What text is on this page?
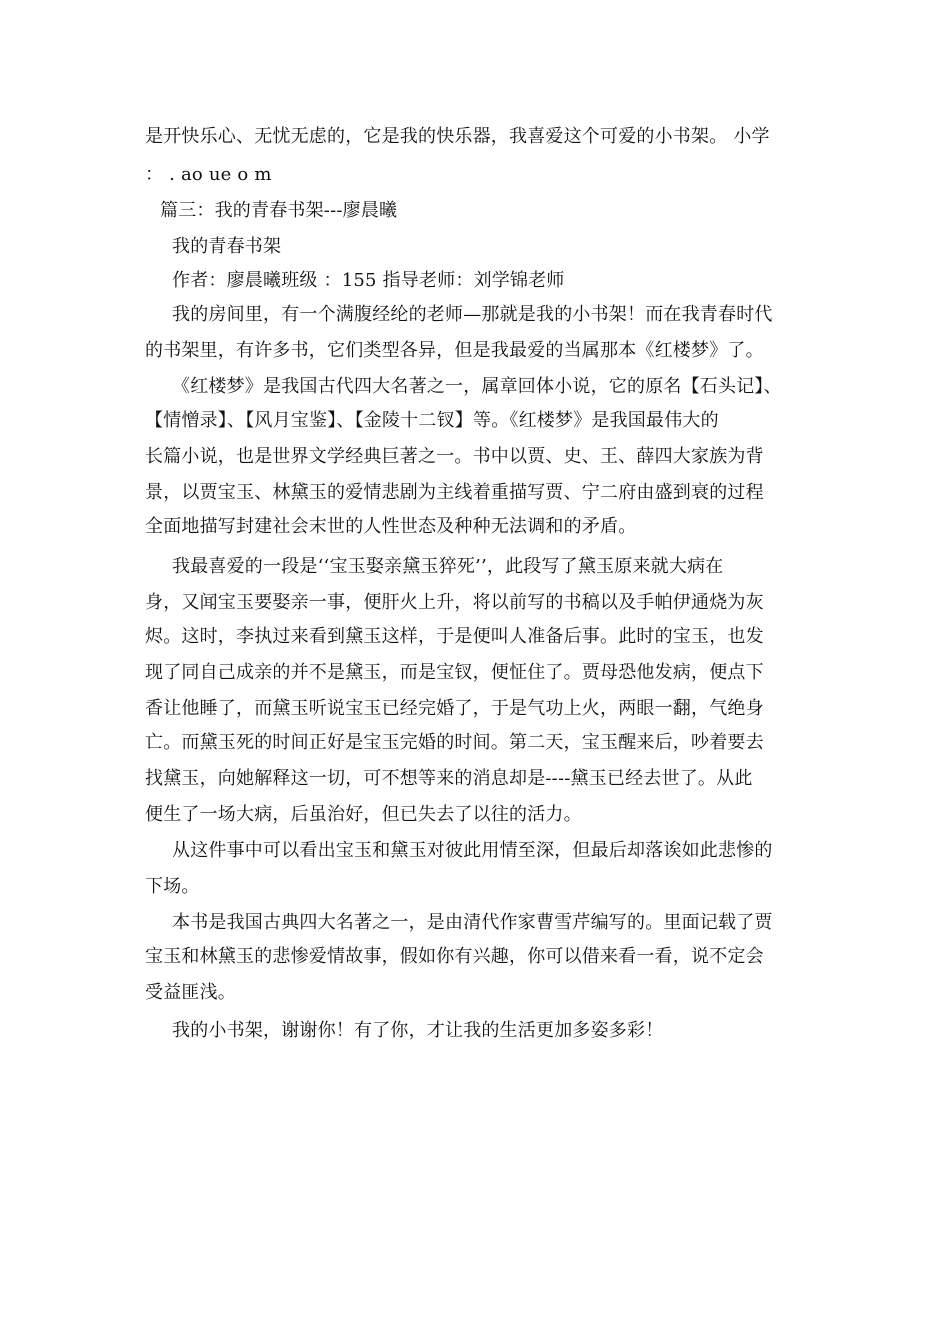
是开快乐心、无忧无虑的，它是我的快乐器，我喜爱这个可爱的小书架。 小学
： . ao ue o m
篇三：我的青春书架---廖晨曦
我的青春书架
作者：廖晨曦班级 ：155 指导老师：刘学锦老师
我的房间里，有一个满腹经纶的老师—那就是我的小书架！而在我青春时代
的书架里，有许多书，它们类型各异，但是我最爱的当属那本《红楼梦》了。
《红楼梦》是我国古代四大名著之一，属章回体小说，它的原名【石头记】、
【情憎录】、【风月宝鉴】、【金陵十二钗】等。《红楼梦》是我国最伟大的
长篇小说，也是世界文学经典巨著之一。书中以贾、史、王、薛四大家族为背
景，以贾宝玉、林黛玉的爱情悲剧为主线着重描写贾、宁二府由盛到衰的过程
全面地描写封建社会末世的人性世态及种种无法调和的矛盾。
我最喜爱的一段是‘‘宝玉娶亲黛玉猝死’’，此段写了黛玉原来就大病在
身，又闻宝玉要娶亲一事，便肝火上升，将以前写的书稿以及手帕伊通烧为灰
烬。这时，李执过来看到黛玉这样，于是便叫人准备后事。此时的宝玉，也发
现了同自己成亲的并不是黛玉，而是宝钗，便怔住了。贾母恐他发病，便点下
香让他睡了，而黛玉听说宝玉已经完婚了，于是气功上火，两眼一翻，气绝身
亡。而黛玉死的时间正好是宝玉完婚的时间。第二天，宝玉醒来后，吵着要去
找黛玉，向她解释这一切，可不想等来的消息却是----黛玉已经去世了。从此
便生了一场大病，后虽治好，但已失去了以往的活力。
从这件事中可以看出宝玉和黛玉对彼此用情至深，但最后却落诶如此悲惨的
下场。
本书是我国古典四大名著之一，是由清代作家曹雪芹编写的。里面记载了贾
宝玉和林黛玉的悲惨爱情故事，假如你有兴趣，你可以借来看一看，说不定会
受益匪浅。
我的小书架，谢谢你！有了你，才让我的生活更加多姿多彩！
